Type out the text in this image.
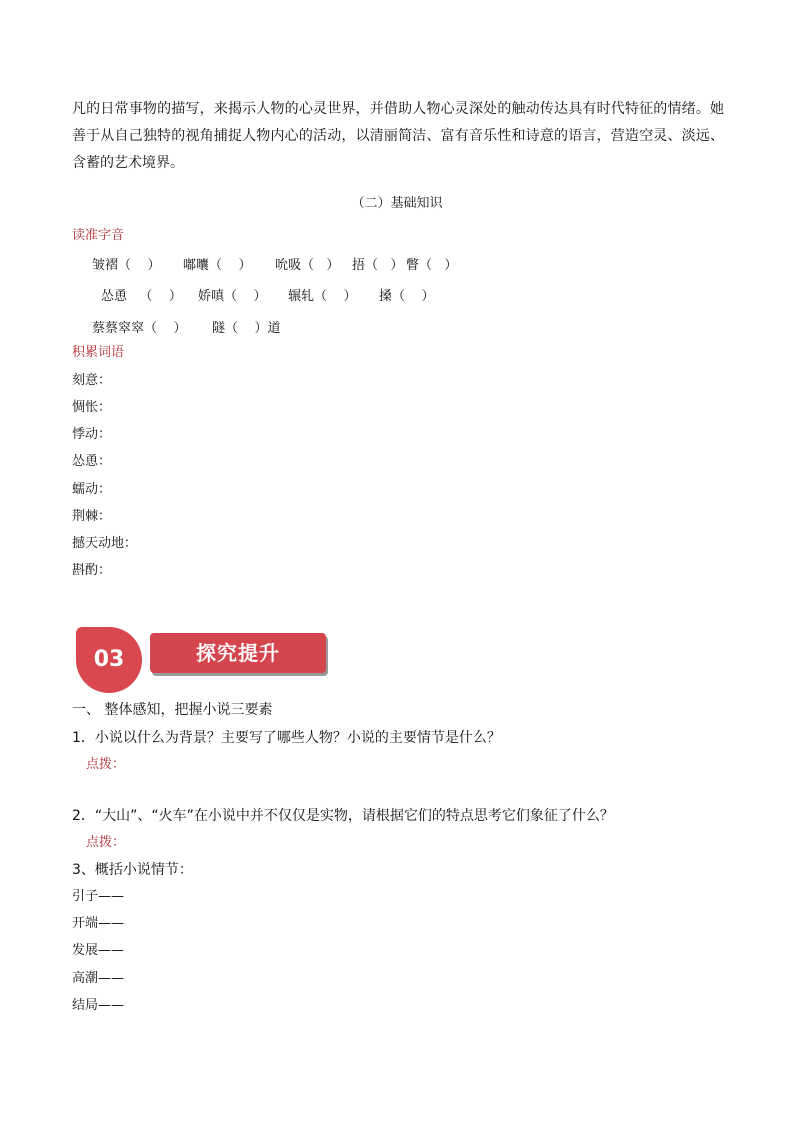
凡的日常事物的描写，来揭示人物的心灵世界，并借助人物心灵深处的触动传达具有时代特征的情绪。她善于从自己独特的视角捕捉人物内心的活动，以清丽简洁、富有音乐性和诗意的语言，营造空灵、淡远、含蓄的艺术境界。

（二）基础知识

读准字音

皱褶（    ） 嘟囔（    ） 吮吸（   ） 捂（   ） 瞥（   ）

怂恿   （    ） 娇嗔（    ） 辗轧（    ） 搡（    ）

蔡蔡窣窣（    ） 隧（    ）道

积累词语

刻意：

惆怅：

悸动：

怂恿：

蠕动：

荆棘：

撼天动地：

斟酌：

03	探究提升

一、 整体感知，把握小说三要素

1．小说以什么为背景？主要写了哪些人物？小说的主要情节是什么？

点拨：

2．“大山”、“火车”在小说中并不仅仅是实物，请根据它们的特点思考它们象征了什么？

点拨：

3、概括小说情节：

引子——

开端——

发展——

高潮——

结局——
